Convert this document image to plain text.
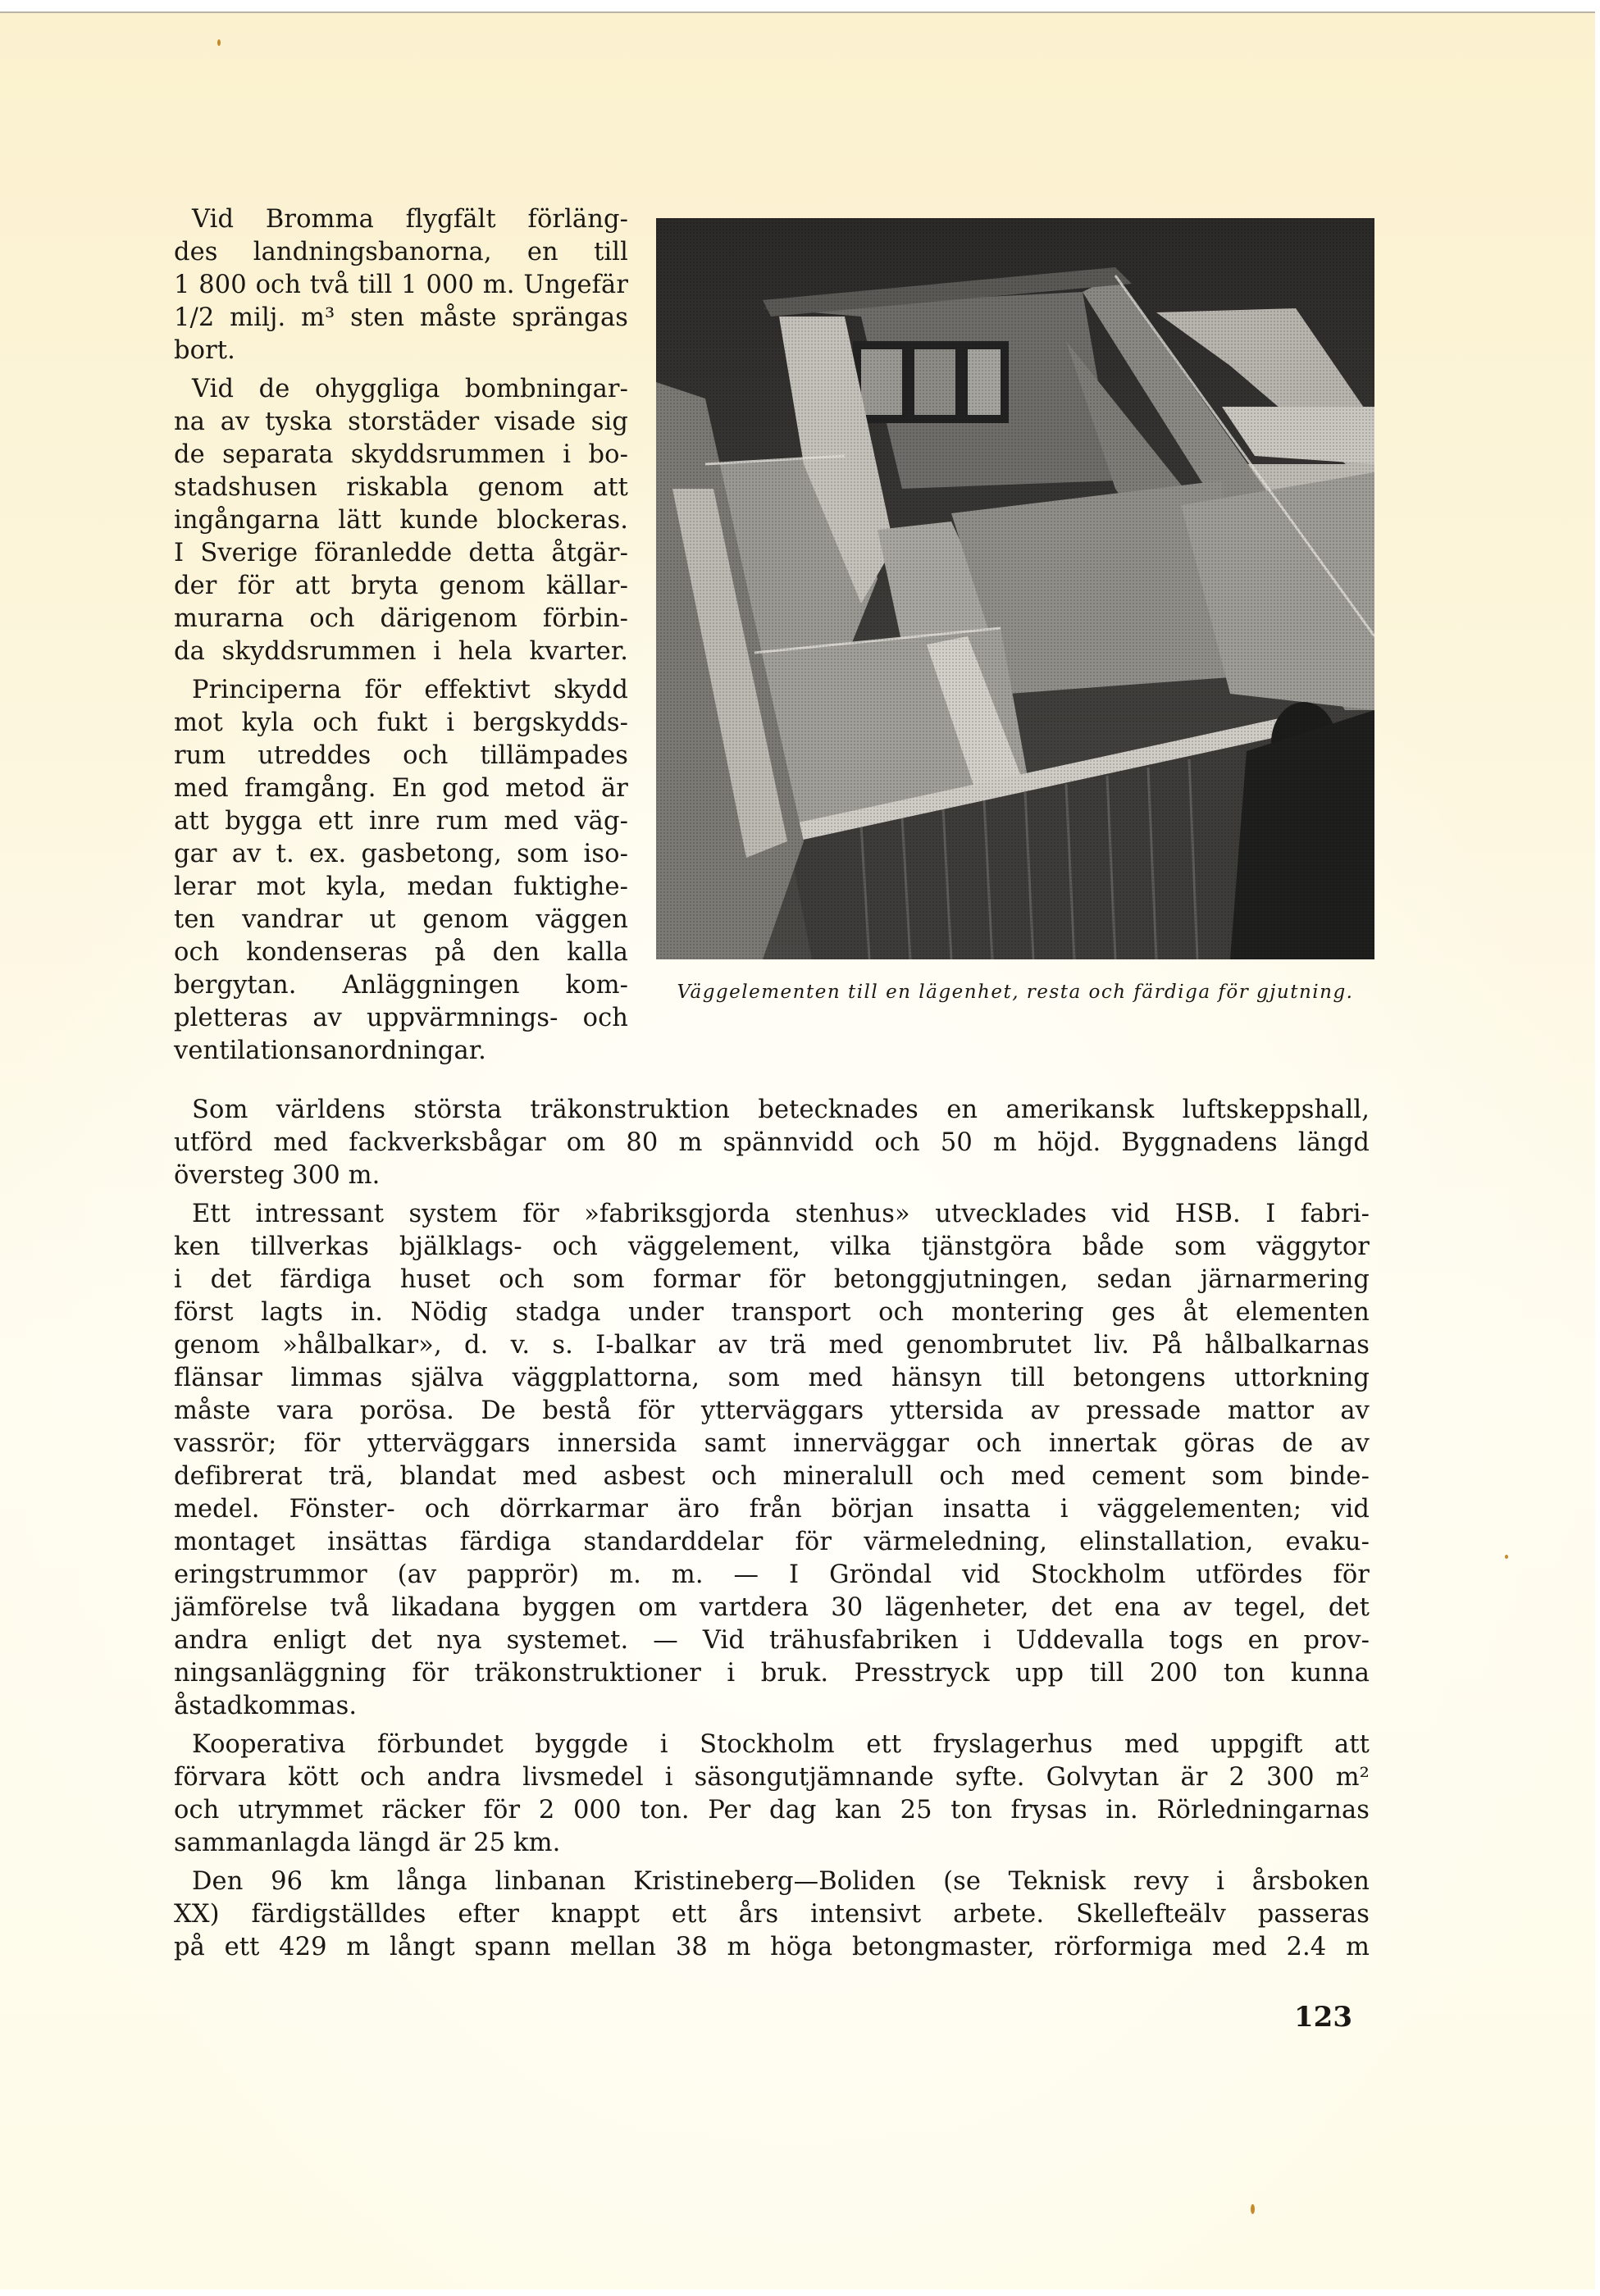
Vid Bromma flygfält förläng-
des landningsbanorna, en till
1 800 och två till 1 000 m. Ungefär
1/2 milj. m³ sten måste sprängas
bort.

Vid de ohyggliga bombningar-
na av tyska storstäder visade sig
de separata skyddsrummen i bo-
stadshusen riskabla genom att
ingångarna lätt kunde blockeras.
I Sverige föranledde detta åtgär-
der för att bryta genom källar-
murarna och därigenom förbin-
da skyddsrummen i hela kvarter.

Principerna för effektivt skydd
mot kyla och fukt i bergskydds-
rum utreddes och tillämpades
med framgång. En god metod är
att bygga ett inre rum med väg-
gar av t. ex. gasbetong, som iso-
lerar mot kyla, medan fuktighe-
ten vandrar ut genom väggen
och kondenseras på den kalla
bergytan. Anläggningen kom-
pletteras av uppvärmnings- och
ventilationsanordningar.

Väggelementen till en lägenhet, resta och färdiga för gjutning.

Som världens största träkonstruktion betecknades en amerikansk luftskeppshall,
utförd med fackverksbågar om 80 m spännvidd och 50 m höjd. Byggnadens längd
översteg 300 m.

Ett intressant system för »fabriksgjorda stenhus» utvecklades vid HSB. I fabri-
ken tillverkas bjälklags- och väggelement, vilka tjänstgöra både som väggytor
i det färdiga huset och som formar för betonggjutningen, sedan järnarmering
först lagts in. Nödig stadga under transport och montering ges åt elementen
genom »hålbalkar», d. v. s. I-balkar av trä med genombrutet liv. På hålbalkarnas
flänsar limmas själva väggplattorna, som med hänsyn till betongens uttorkning
måste vara porösa. De bestå för ytterväggars yttersida av pressade mattor av
vassrör; för ytterväggars innersida samt innerväggar och innertak göras de av
defibrerat trä, blandat med asbest och mineralull och med cement som binde-
medel. Fönster- och dörrkarmar äro från början insatta i väggelementen; vid
montaget insättas färdiga standarddelar för värmeledning, elinstallation, evaku-
eringstrummor (av papprör) m. m. — I Gröndal vid Stockholm utfördes för
jämförelse två likadana byggen om vartdera 30 lägenheter, det ena av tegel, det
andra enligt det nya systemet. — Vid trähusfabriken i Uddevalla togs en prov-
ningsanläggning för träkonstruktioner i bruk. Presstryck upp till 200 ton kunna
åstadkommas.

Kooperativa förbundet byggde i Stockholm ett fryslagerhus med uppgift att
förvara kött och andra livsmedel i säsongutjämnande syfte. Golvytan är 2 300 m²
och utrymmet räcker för 2 000 ton. Per dag kan 25 ton frysas in. Rörledningarnas
sammanlagda längd är 25 km.

Den 96 km långa linbanan Kristineberg—Boliden (se Teknisk revy i årsboken
XX) färdigställdes efter knappt ett års intensivt arbete. Skellefteälv passeras
på ett 429 m långt spann mellan 38 m höga betongmaster, rörformiga med 2.4 m

123
